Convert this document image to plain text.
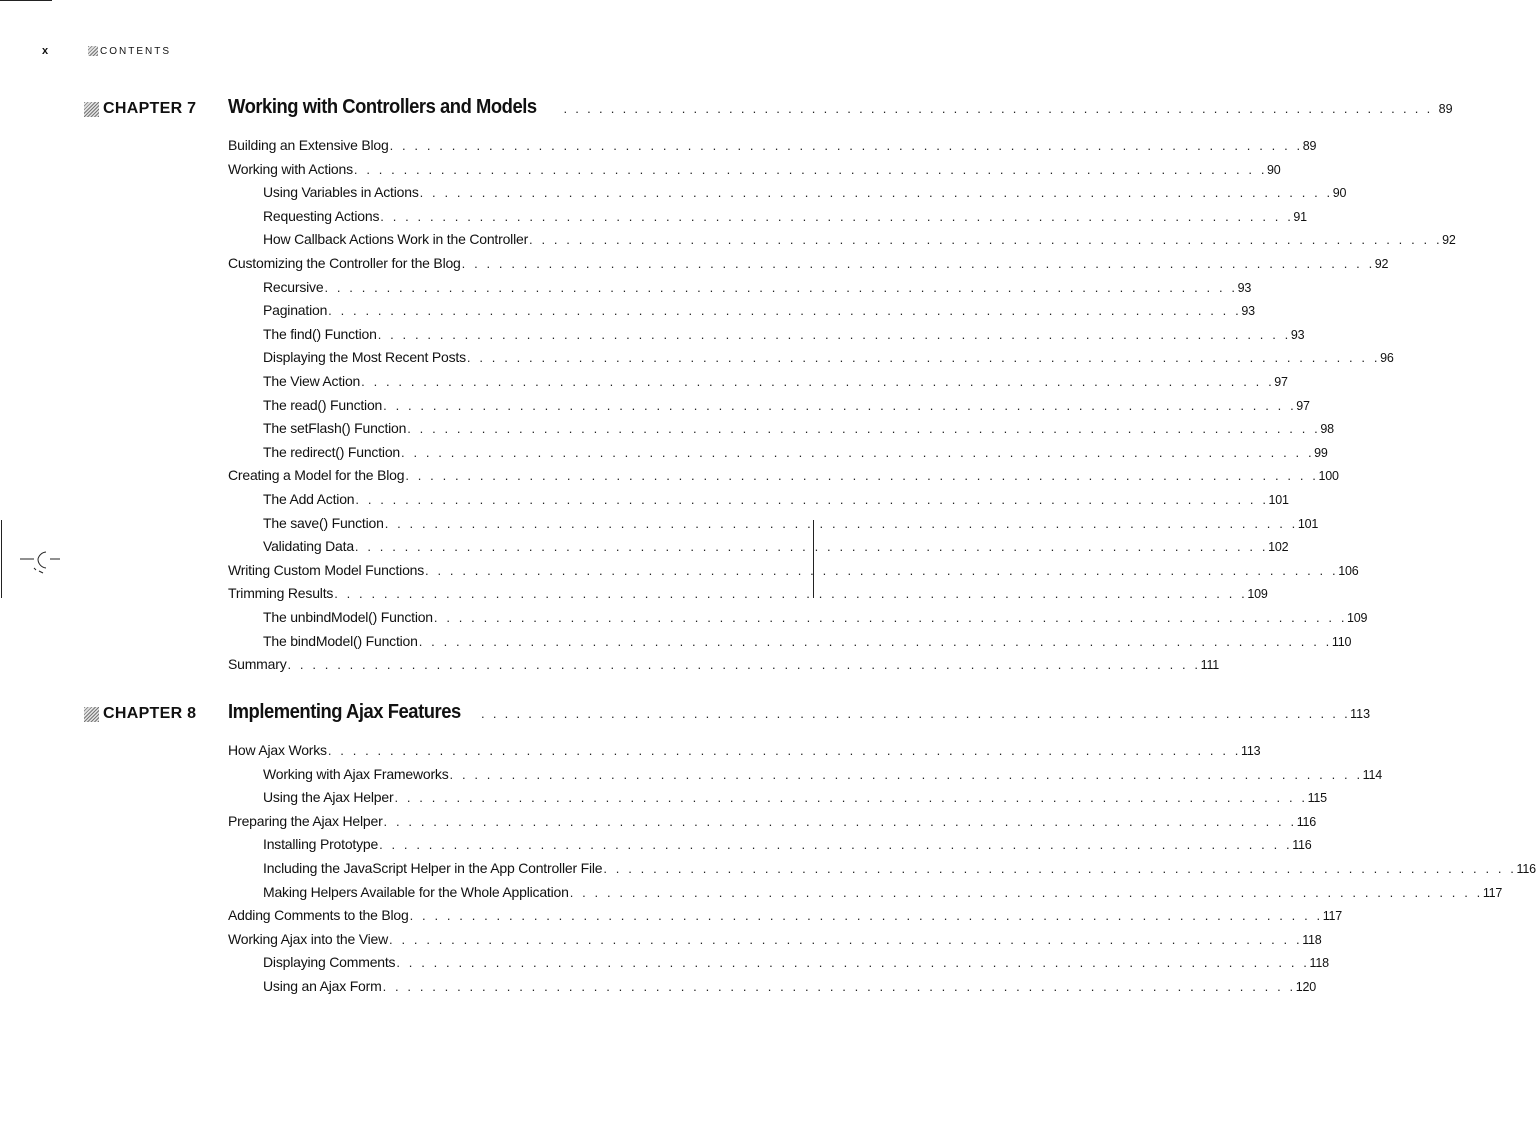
x	CONTENTS
CHAPTER 7 Working with Controllers and Models . . . . . . . . . . . . . . . . . . . . . . . . . . . . . . . . . . . . . . . . . . . . . . . . . . . . . . . . . . . . . . . . . . . . . . . . . . 89
Building an Extensive Blog . . . . . . . . . . . . . . . . . . . . . . . . . . . . . . . . . . . . . . . . . . . . . . . . . . . . . . . . . . . . . . . . . . . . . . . . . . 89
Working with Actions . . . . . . . . . . . . . . . . . . . . . . . . . . . . . . . . . . . . . . . . . . . . . . . . . . . . . . . . . . . . . . . . . . . . . . . . . . 90
Using Variables in Actions . . . . . . . . . . . . . . . . . . . . . . . . . . . . . . . . . . . . . . . . . . . . . . . . . . . . . . . . . . . . . . . . . . . . . . . . . . 90
Requesting Actions . . . . . . . . . . . . . . . . . . . . . . . . . . . . . . . . . . . . . . . . . . . . . . . . . . . . . . . . . . . . . . . . . . . . . . . . . . 91
How Callback Actions Work in the Controller . . . . . . . . . . . . . . . . . . . . . . . . . . . . . . . . . . . . . . . . . . . . . . . . . . . . . . . . . . . . . . . . . . . . . . . . . . 92
Customizing the Controller for the Blog . . . . . . . . . . . . . . . . . . . . . . . . . . . . . . . . . . . . . . . . . . . . . . . . . . . . . . . . . . . . . . . . . . . . . . . . . . 92
Recursive . . . . . . . . . . . . . . . . . . . . . . . . . . . . . . . . . . . . . . . . . . . . . . . . . . . . . . . . . . . . . . . . . . . . . . . . . . 93
Pagination . . . . . . . . . . . . . . . . . . . . . . . . . . . . . . . . . . . . . . . . . . . . . . . . . . . . . . . . . . . . . . . . . . . . . . . . . . 93
The find() Function . . . . . . . . . . . . . . . . . . . . . . . . . . . . . . . . . . . . . . . . . . . . . . . . . . . . . . . . . . . . . . . . . . . . . . . . . . 93
Displaying the Most Recent Posts . . . . . . . . . . . . . . . . . . . . . . . . . . . . . . . . . . . . . . . . . . . . . . . . . . . . . . . . . . . . . . . . . . . . . . . . . . 96
The View Action . . . . . . . . . . . . . . . . . . . . . . . . . . . . . . . . . . . . . . . . . . . . . . . . . . . . . . . . . . . . . . . . . . . . . . . . . . 97
The read() Function . . . . . . . . . . . . . . . . . . . . . . . . . . . . . . . . . . . . . . . . . . . . . . . . . . . . . . . . . . . . . . . . . . . . . . . . . . 97
The setFlash() Function . . . . . . . . . . . . . . . . . . . . . . . . . . . . . . . . . . . . . . . . . . . . . . . . . . . . . . . . . . . . . . . . . . . . . . . . . . 98
The redirect() Function . . . . . . . . . . . . . . . . . . . . . . . . . . . . . . . . . . . . . . . . . . . . . . . . . . . . . . . . . . . . . . . . . . . . . . . . . . 99
Creating a Model for the Blog . . . . . . . . . . . . . . . . . . . . . . . . . . . . . . . . . . . . . . . . . . . . . . . . . . . . . . . . . . . . . . . . . . . . . . . . . . 100
The Add Action . . . . . . . . . . . . . . . . . . . . . . . . . . . . . . . . . . . . . . . . . . . . . . . . . . . . . . . . . . . . . . . . . . . . . . . . . . 101
The save() Function . . . . . . . . . . . . . . . . . . . . . . . . . . . . . . . . . . . . . . . . . . . . . . . . . . . . . . . . . . . . . . . . . . . . . . . . . . 101
Validating Data . . . . . . . . . . . . . . . . . . . . . . . . . . . . . . . . . . . . . . . . . . . . . . . . . . . . . . . . . . . . . . . . . . . . . . . . . . 102
Writing Custom Model Functions . . . . . . . . . . . . . . . . . . . . . . . . . . . . . . . . . . . . . . . . . . . . . . . . . . . . . . . . . . . . . . . . . . . . . . . . . . 106
Trimming Results . . . . . . . . . . . . . . . . . . . . . . . . . . . . . . . . . . . . . . . . . . . . . . . . . . . . . . . . . . . . . . . . . . . . . . . . . . 109
The unbindModel() Function . . . . . . . . . . . . . . . . . . . . . . . . . . . . . . . . . . . . . . . . . . . . . . . . . . . . . . . . . . . . . . . . . . . . . . . . . . 109
The bindModel() Function . . . . . . . . . . . . . . . . . . . . . . . . . . . . . . . . . . . . . . . . . . . . . . . . . . . . . . . . . . . . . . . . . . . . . . . . . . 110
Summary . . . . . . . . . . . . . . . . . . . . . . . . . . . . . . . . . . . . . . . . . . . . . . . . . . . . . . . . . . . . . . . . . . . . . . . . . . 111
CHAPTER 8 Implementing Ajax Features . . . . . . . . . . . . . . . . . . . . . . . . . . . . . . . . . . . . . . . . . . . . . . . . . . . . . . . . . . . . . . . . . . . . . . . . . . 113
How Ajax Works . . . . . . . . . . . . . . . . . . . . . . . . . . . . . . . . . . . . . . . . . . . . . . . . . . . . . . . . . . . . . . . . . . . . . . . . . . 113
Working with Ajax Frameworks . . . . . . . . . . . . . . . . . . . . . . . . . . . . . . . . . . . . . . . . . . . . . . . . . . . . . . . . . . . . . . . . . . . . . . . . . . 114
Using the Ajax Helper . . . . . . . . . . . . . . . . . . . . . . . . . . . . . . . . . . . . . . . . . . . . . . . . . . . . . . . . . . . . . . . . . . . . . . . . . . 115
Preparing the Ajax Helper . . . . . . . . . . . . . . . . . . . . . . . . . . . . . . . . . . . . . . . . . . . . . . . . . . . . . . . . . . . . . . . . . . . . . . . . . . 116
Installing Prototype . . . . . . . . . . . . . . . . . . . . . . . . . . . . . . . . . . . . . . . . . . . . . . . . . . . . . . . . . . . . . . . . . . . . . . . . . . 116
Including the JavaScript Helper in the App Controller File . . . . . . . . . . . . . . . . . . . . . . . . . . . . . . . . . . . . . . . . . . . . . . . . . . . . . . . . . . . . . . . . . . . . . . . . . . 116
Making Helpers Available for the Whole Application . . . . . . . . . . . . . . . . . . . . . . . . . . . . . . . . . . . . . . . . . . . . . . . . . . . . . . . . . . . . . . . . . . . . . . . . . . 117
Adding Comments to the Blog . . . . . . . . . . . . . . . . . . . . . . . . . . . . . . . . . . . . . . . . . . . . . . . . . . . . . . . . . . . . . . . . . . . . . . . . . . 117
Working Ajax into the View . . . . . . . . . . . . . . . . . . . . . . . . . . . . . . . . . . . . . . . . . . . . . . . . . . . . . . . . . . . . . . . . . . . . . . . . . . 118
Displaying Comments . . . . . . . . . . . . . . . . . . . . . . . . . . . . . . . . . . . . . . . . . . . . . . . . . . . . . . . . . . . . . . . . . . . . . . . . . . 118
Using an Ajax Form . . . . . . . . . . . . . . . . . . . . . . . . . . . . . . . . . . . . . . . . . . . . . . . . . . . . . . . . . . . . . . . . . . . . . . . . . . 120
